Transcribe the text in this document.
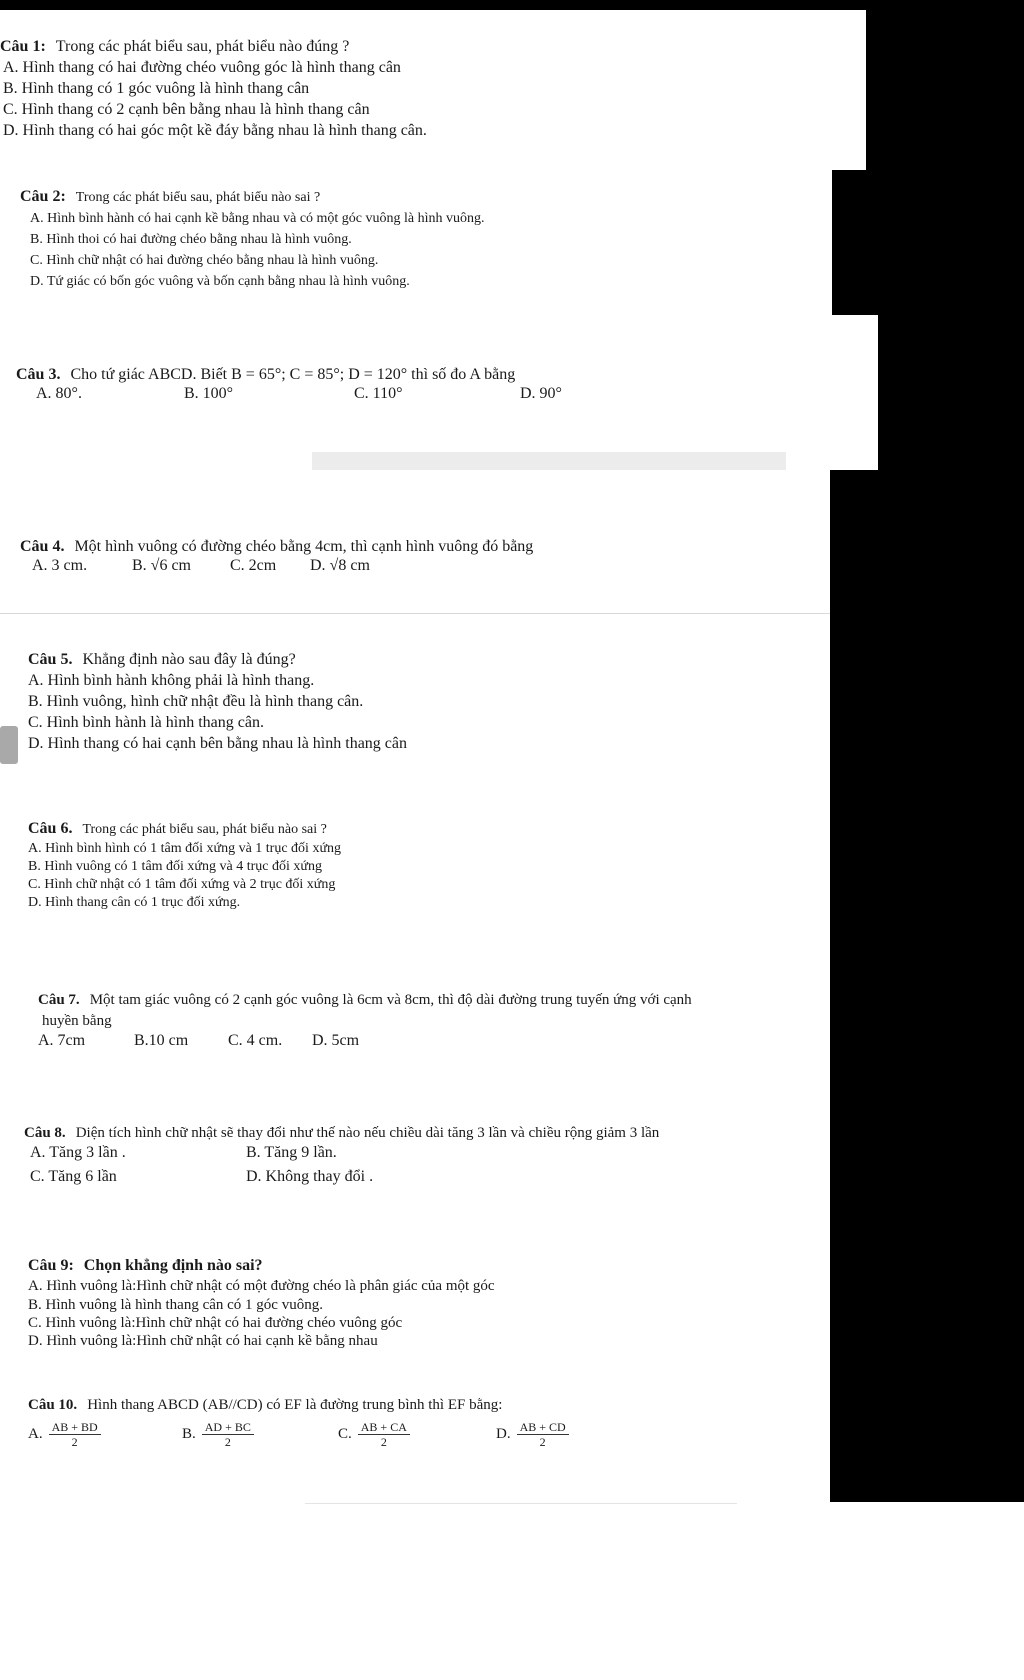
Câu 1: Trong các phát biểu sau, phát biểu nào đúng ?
A. Hình thang có hai đường chéo vuông góc là hình thang cân
B. Hình thang có 1 góc vuông là hình thang cân
C. Hình thang có 2 cạnh bên bằng nhau là hình thang cân
D. Hình thang có hai góc một kề đáy bằng nhau là hình thang cân.
Câu 2: Trong các phát biểu sau, phát biểu nào sai ?
A. Hình bình hành có hai cạnh kề bằng nhau và có một góc vuông là hình vuông.
B. Hình thoi có hai đường chéo bằng nhau là hình vuông.
C. Hình chữ nhật có hai đường chéo bằng nhau là hình vuông.
D. Tứ giác có bốn góc vuông và bốn cạnh bằng nhau là hình vuông.
Câu 3. Cho tứ giác ABCD. Biết B = 65°; C = 85°; D = 120° thì số đo A bằng
A. 80°.	B. 100°	C. 110°	D. 90°
Câu 4. Một hình vuông có đường chéo bằng 4cm, thì cạnh hình vuông đó bằng
A. 3 cm.	B. √6 cm C. 2cm D. √8 cm
Câu 5. Khẳng định nào sau đây là đúng?
A. Hình bình hành không phải là hình thang.
B. Hình vuông, hình chữ nhật đều là hình thang cân.
C. Hình bình hành là hình thang cân.
D. Hình thang có hai cạnh bên bằng nhau là hình thang cân
Câu 6. Trong các phát biểu sau, phát biểu nào sai ?
A. Hình bình hình có 1 tâm đối xứng và 1 trục đối xứng
B. Hình vuông có 1 tâm đối xứng và 4 trục đối xứng
C. Hình chữ nhật có 1 tâm đối xứng và 2 trục đối xứng
D. Hình thang cân có 1 trục đối xứng.
Câu 7. Một tam giác vuông có 2 cạnh góc vuông là 6cm và 8cm, thì độ dài đường trung tuyến ứng với cạnh
huyền bằng
A. 7cm	B.10 cm C. 4 cm. D. 5cm
Câu 8. Diện tích hình chữ nhật sẽ thay đổi như thế nào nếu chiều dài tăng 3 lần và chiều rộng giảm 3 lần
A. Tăng 3 lần .	B. Tăng 9 lần.
C. Tăng 6 lần	D. Không thay đổi .
Câu 9: Chọn khẳng định nào sai?
A. Hình vuông là:Hình chữ nhật có một đường chéo là phân giác của một góc
B. Hình vuông là hình thang cân có 1 góc vuông.
C. Hình vuông là:Hình chữ nhật có hai đường chéo vuông góc
D. Hình vuông là:Hình chữ nhật có hai cạnh kề bằng nhau
Câu 10. Hình thang ABCD (AB//CD) có EF là đường trung bình thì EF bằng:
A. $\frac{AB + BD}{2}$	B. $\frac{AD + BC}{2}$	C. $\frac{AB + CA}{2}$	D. $\frac{AB + CD}{2}$
